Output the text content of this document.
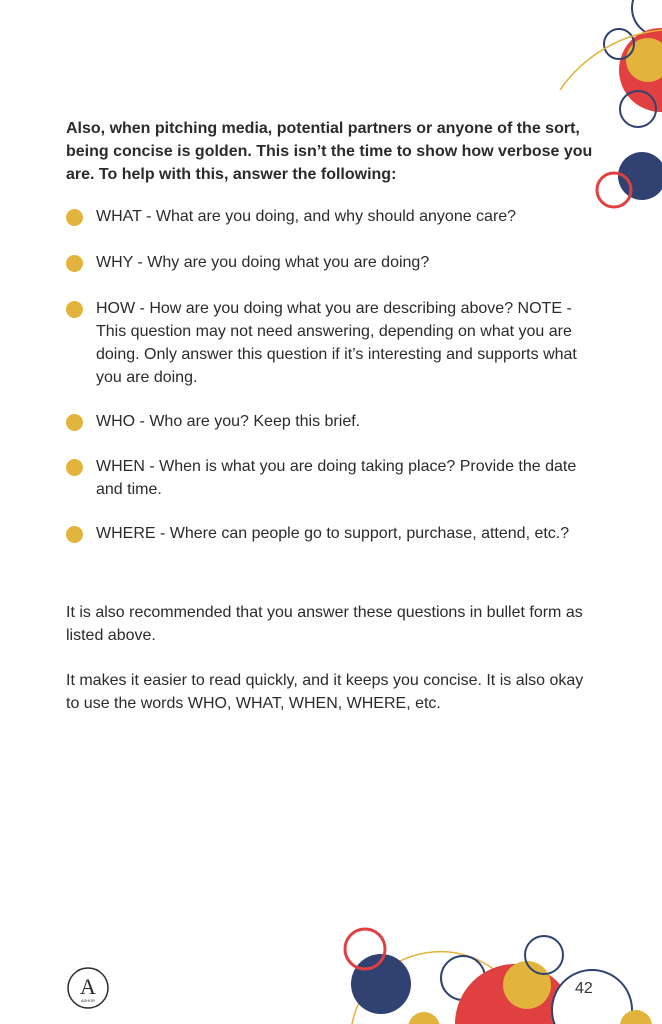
Also, when pitching media, potential partners or anyone of the sort, being concise is golden. This isn’t the time to show how verbose you are. To help with this, answer the following:
WHAT - What are you doing, and why should anyone care?
WHY - Why are you doing what you are doing?
HOW - How are you doing what you are describing above? NOTE - This question may not need answering, depending on what you are doing. Only answer this question if it’s interesting and supports what you are doing.
WHO - Who are you? Keep this brief.
WHEN - When is what you are doing taking place? Provide the date and time.
WHERE - Where can people go to support, purchase, attend, etc.?
It is also recommended that you answer these questions in bullet form as listed above.
It makes it easier to read quickly, and it keeps you concise. It is also okay to use the words WHO, WHAT, WHEN, WHERE, etc.
A
ASHOR
42
